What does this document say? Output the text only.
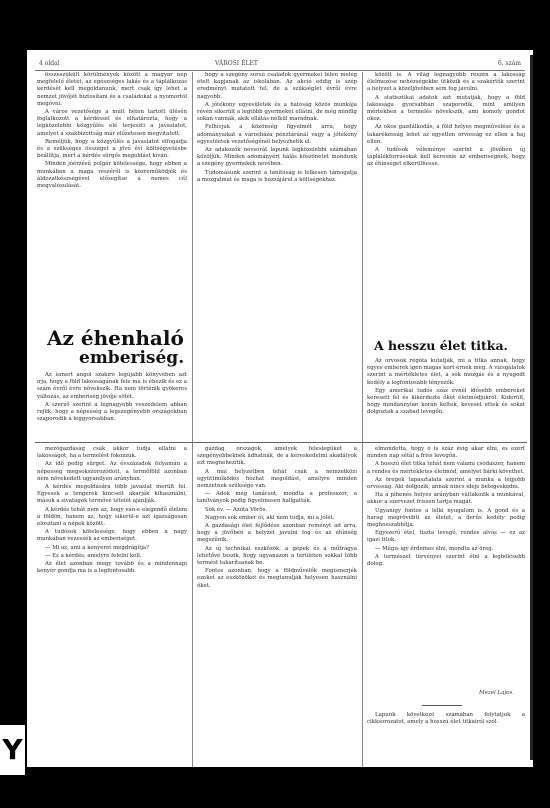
4 oldal	VÁROSI ÉLET	6. szám

összeszűkült körülmények között a magyar nép megfelelő életét, az egészséges lakás és a táplálkozás kérdését kell megoldanunk, mert csak így lehet a nemzet jövőjét biztosítani és a családokat a nyomortól megóvni.

A város vezetősége a múlt héten tartott ülésén foglalkozott a kérdéssel és elhatározta, hogy a legközelebbi közgyűlés elé terjeszti a javaslatot, amelyet a szakbizottság már előzetesen megvitatott.

Reméljük, hogy a közgyűlés a javaslatot elfogadja és a szükséges összeget a jövő évi költségvetésbe beállítja, mert a kérdés sürgős megoldást kíván.

Minden jóérzésű polgár kötelessége, hogy ebben a munkában a maga részéről is közreműködjék és áldozatkészségével elősegítse a nemes cél megvalósulását.

hogy a szegény sorsú családok gyermekei télen meleg ételt kapjanak az iskolában. Az akció eddig is szép eredményt mutatott fel, de a szükséglet évről évre nagyobb.

A jótékony egyesületek és a hatóság közös munkája révén sikerült a legtöbb gyermeket ellátni, de még mindig sokan vannak, akik ellátás nélkül maradnak.

Felhívjuk a közönség figyelmét arra, hogy adományaikat a városháza pénztáránál vagy a jótékony egyesületek vezetőségénél helyezhetik el.

Az adakozók névsorát lapunk legközelebbi számában közöljük. Minden adományért hálás köszönetet mondunk a szegény gyermekek nevében.

Tudomásunk szerint a tanítóság is lelkesen támogatja a mozgalmat és maga is hozzájárul a költségekhez.

között is. A világ legnagyobb részén a lakosság élelmezése nehézségekbe ütközik és a szakértők szerint a helyzet a közeljövőben sem fog javulni.

A statisztikai adatok azt mutatják, hogy a föld lakossága gyorsabban szaporodik, mint amilyen mértékben a termelés növekszik, ami komoly gondot okoz.

Az okos gazdálkodás, a föld helyes megművelése és a takarékosság lehet az egyetlen orvosság ez ellen a baj ellen.

A tudósok véleménye szerint a jövőben új táplálékforrásokat kell keresnie az emberiségnek, hogy az éhínséget elkerülhesse.

Az éhenhaló
emberiség.

Az ismert angol szakíró legújabb könyvében azt írja, hogy a föld lakosságának fele ma is éhezik és ez a szám évről évre növekszik. Ha nem történik gyökeres változás, az emberiség jövője sötét.

A szerző szerint a legnagyobb veszedelem abban rejlik, hogy a népesség a legszegényebb országokban szaporodik a leggyorsabban.

A hesszu élet titka.

Az orvosok régóta kutatják, mi a titka annak, hogy egyes emberek igen magas kort érnek meg. A vizsgálatok szerint a mértékletes élet, a sok mozgás és a nyugodt kedély a legfontosabb tényezők.

Egy amerikai tudós száz évnél idősebb embereket keresett fel és kikérdezte őket életmódjukról. Kiderült, hogy mindannyian korán keltek, keveset ettek és sokat dolgoztak a szabad levegőn.

mezőgazdaság csak akkor tudja ellátni a lakosságot, ha a termelést fokozzuk.

Az idő pedig sürget. Az évszázadok folyamán a népesség megsokszorozódott, a termőföld azonban nem növekedett ugyanilyen arányban.

A kérdés megoldására több javaslat merült fel. Egyesek a tengerek kincseit akarják kihasználni, mások a sivatagok termővé tételét ajánlják.

A kérdés tehát nem az, hogy van-e elegendő élelem a földön, hanem az, hogy sikerül-e azt igazságosan elosztani a népek között.

A tudósok kötelessége, hogy ebben a nagy munkában vezessék az emberiséget.

— Mi az, ami a kenyeret megdrágítja?

— Ez a kérdés, amelyre felelni kell.

Az élet azonban megy tovább és a mindennapi kenyér gondja ma is a legfontosabb.

gazdag országok, amelyek feleslegüket a szegényebbeknek adhatnák, de a kereskedelmi akadályok ezt megnehezítik.

A mai helyzetben tehát csak a nemzetközi együttműködés hozhat megoldást, amelyre minden nemzetnek szüksége van.

— Adok még tanácsot, mondta a professzor, a tanítványok pedig figyelmesen hallgatták.

Sok év. — Azóta Vörös.

Nagyon sok ember él, aki nem tudja, mi a jólét.

A gazdasági élet fejlődése azonban reményt ad arra, hogy a jövőben a helyzet javulni fog és az éhínség megszűnik.

Az új technikai eszközök, a gépek és a műtrágya lehetővé teszik, hogy ugyanazon a területen sokkal több termést takarítsanak be.

Fontos azonban, hogy a földművelők megismerjék ezeket az eszközöket és megtanulják helyesen használni őket.

elmondotta, hogy ő is száz évig akar élni, és ezért minden nap sétál a friss levegőn.

A hosszú élet titka tehát nem valami csodaszer, hanem a rendes és mértékletes életmód, amelyet bárki követhet.

Az öregek tapasztalata szerint a munka a legjobb orvosság. Aki dolgozik, annak nincs ideje betegeskedni.

Ha a pihenés helyes arányban váltakozik a munkával, akkor a szervezet frissen tartja magát.

Ugyanígy fontos a lelki nyugalom is. A gond és a harag megrövidíti az életet, a derűs kedély pedig meghosszabbítja.

Egyszerű étel, tiszta levegő, rendes alvás — ez az igazi titok.

— Mégis így érdemes élni, mondta az öreg.

A természet törvényei szerint élni a legbölcsebb dolog.

Mezei Lajos.

Lapunk következő számában folytatjuk a cikksorozatot, amely a hosszú élet titkairól szól.

Y
